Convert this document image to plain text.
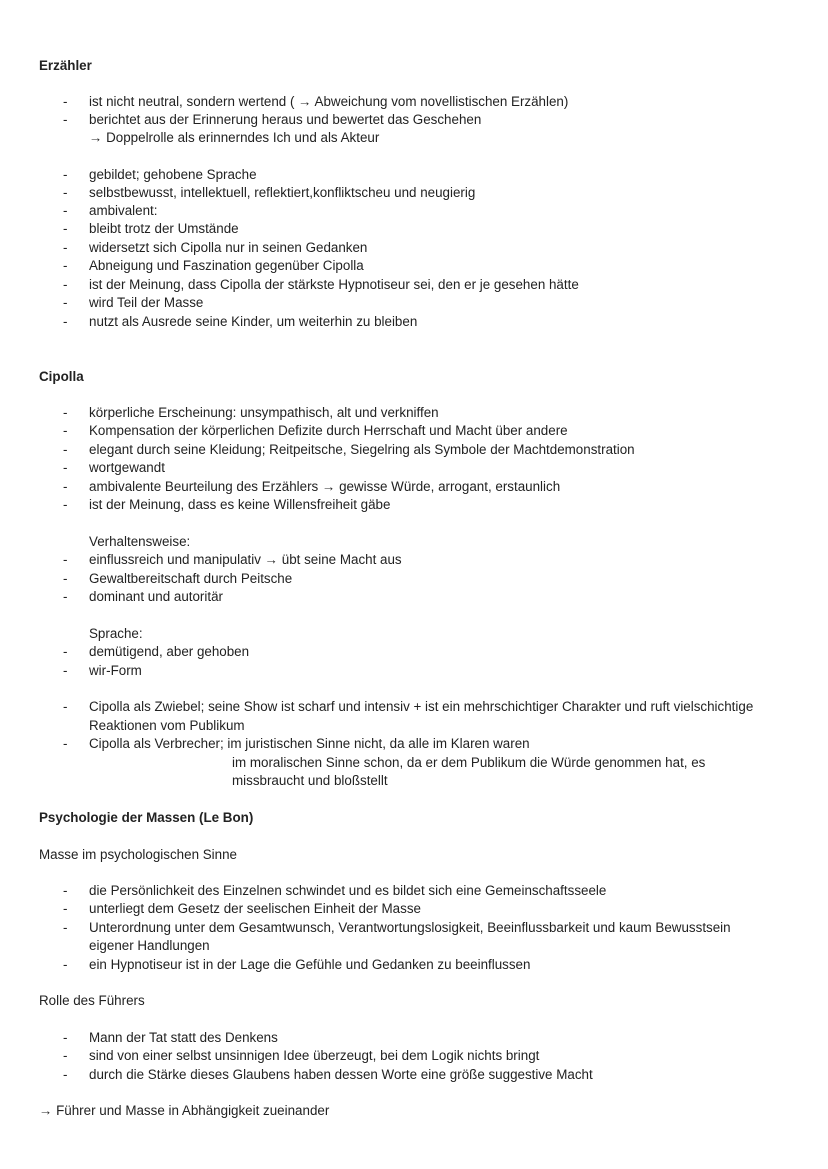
Erzähler
- ist nicht neutral, sondern wertend ( → Abweichung vom novellistischen Erzählen)
- berichtet aus der Erinnerung heraus und bewertet das Geschehen
→ Doppelrolle als erinnerndes Ich und als Akteur
- gebildet; gehobene Sprache
- selbstbewusst, intellektuell, reflektiert,konfliktscheu und neugierig
- ambivalent:
- bleibt trotz der Umstände
- widersetzt sich Cipolla nur in seinen Gedanken
- Abneigung und Faszination gegenüber Cipolla
- ist der Meinung, dass Cipolla der stärkste Hypnotiseur sei, den er je gesehen hätte
- wird Teil der Masse
- nutzt als Ausrede seine Kinder, um weiterhin zu bleiben
Cipolla
- körperliche Erscheinung: unsympathisch, alt und verkniffen
- Kompensation der körperlichen Defizite durch Herrschaft und Macht über andere
- elegant durch seine Kleidung; Reitpeitsche, Siegelring als Symbole der Machtdemonstration
- wortgewandt
- ambivalente Beurteilung des Erzählers → gewisse Würde, arrogant, erstaunlich
- ist der Meinung, dass es keine Willensfreiheit gäbe
Verhaltensweise:
- einflussreich und manipulativ → übt seine Macht aus
- Gewaltbereitschaft durch Peitsche
- dominant und autoritär
Sprache:
- demütigend, aber gehoben
- wir-Form
- Cipolla als Zwiebel; seine Show ist scharf und intensiv + ist ein mehrschichtiger Charakter und ruft vielschichtige
Reaktionen vom Publikum
- Cipolla als Verbrecher; im juristischen Sinne nicht, da alle im Klaren waren
im moralischen Sinne schon, da er dem Publikum die Würde genommen hat, es
missbraucht und bloßstellt
Psychologie der Massen (Le Bon)
Masse im psychologischen Sinne
- die Persönlichkeit des Einzelnen schwindet und es bildet sich eine Gemeinschaftsseele
- unterliegt dem Gesetz der seelischen Einheit der Masse
- Unterordnung unter dem Gesamtwunsch, Verantwortungslosigkeit, Beeinflussbarkeit und kaum Bewusstsein
eigener Handlungen
- ein Hypnotiseur ist in der Lage die Gefühle und Gedanken zu beeinflussen
Rolle des Führers
- Mann der Tat statt des Denkens
- sind von einer selbst unsinnigen Idee überzeugt, bei dem Logik nichts bringt
- durch die Stärke dieses Glaubens haben dessen Worte eine größe suggestive Macht
→ Führer und Masse in Abhängigkeit zueinander
